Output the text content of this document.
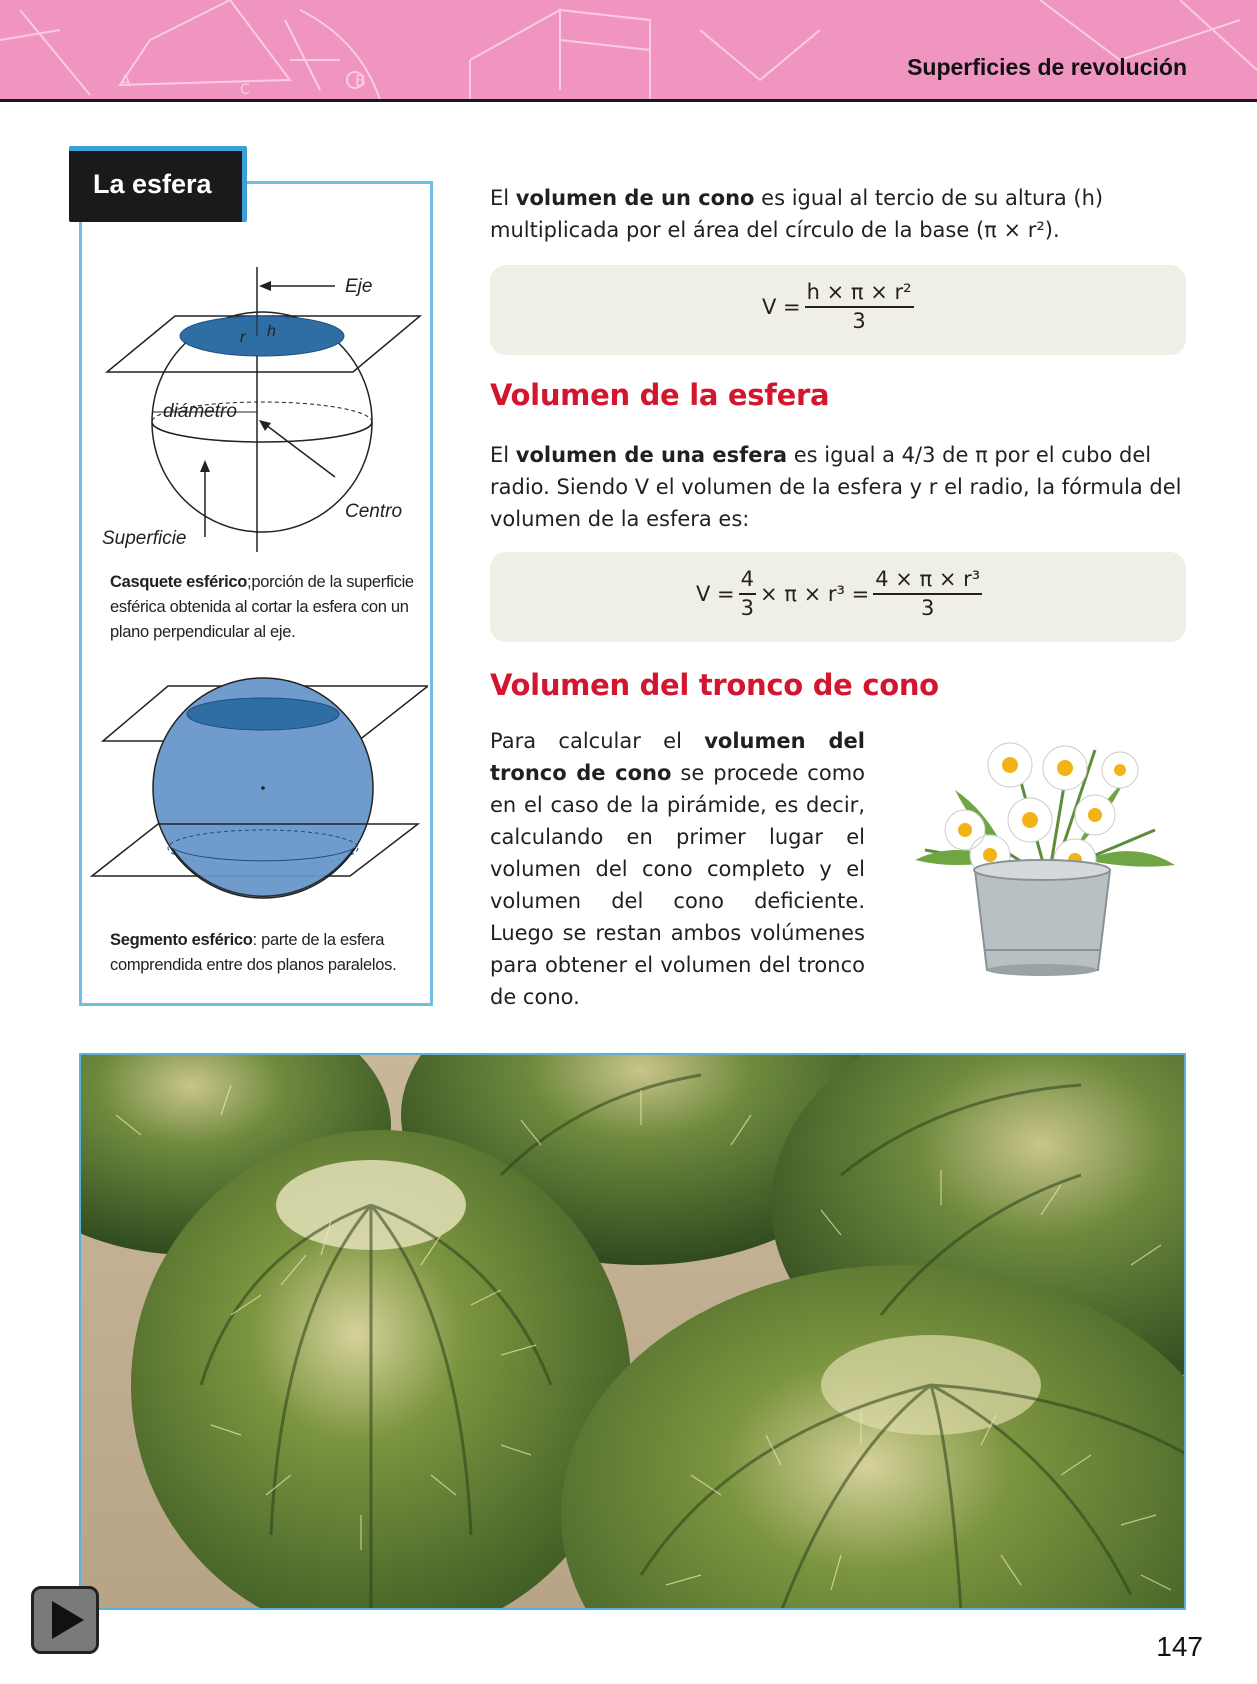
B
A	C
Superficies de revolución
La esfera
Eje
r h
diámetro
Centro
Superficie
Casquete esférico;porción de la superficie esférica obtenida al cortar la esfera con un plano perpendicular al eje.
Segmento esférico: parte de la esfera comprendida entre dos planos paralelos.
El volumen de un cono es igual al tercio de su altura (h) multiplicada por el área del círculo de la base (π × r²).
$V = \frac{\text{h × π × r²}}{3}$
Volumen de la esfera
El volumen de una esfera es igual a 4/3 de π por el cubo del radio. Siendo V el volumen de la esfera y r el radio, la fórmula del volumen de la esfera es:
$V = \frac{4}{3} \times \pi \times r^3 = \frac{\text{4 × π × r³}}{3}$
Volumen del tronco de cono
Para calcular el volumen del tronco de cono se procede como en el caso de la pirámide, es decir, calculando en primer lugar el volumen del cono completo y el volumen del cono deficiente. Luego se restan ambos volúmenes para obtener el volumen del tronco de cono.
147
